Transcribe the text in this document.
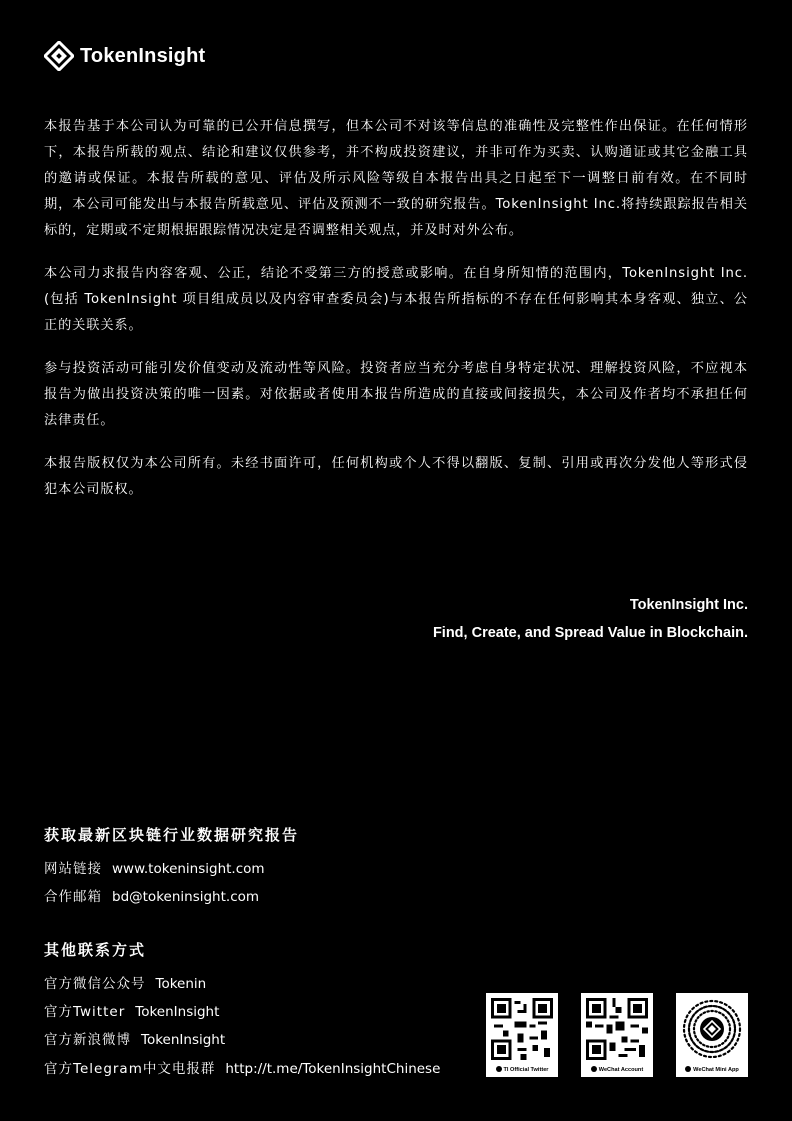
TokenInsight

本报告基于本公司认为可靠的已公开信息撰写，但本公司不对该等信息的准确性及完整性作出保证。在任何情形下，本报告所载的观点、结论和建议仅供参考，并不构成投资建议，并非可作为买卖、认购通证或其它金融工具的邀请或保证。本报告所载的意见、评估及所示风险等级自本报告出具之日起至下一调整日前有效。在不同时期，本公司可能发出与本报告所载意见、评估及预测不一致的研究报告。TokenInsight Inc.将持续跟踪报告相关标的，定期或不定期根据跟踪情况决定是否调整相关观点，并及时对外公布。

本公司力求报告内容客观、公正，结论不受第三方的授意或影响。在自身所知情的范围内，TokenInsight Inc.(包括 TokenInsight 项目组成员以及内容审查委员会)与本报告所指标的不存在任何影响其本身客观、独立、公正的关联关系。

参与投资活动可能引发价值变动及流动性等风险。投资者应当充分考虑自身特定状况、理解投资风险，不应视本报告为做出投资决策的唯一因素。对依据或者使用本报告所造成的直接或间接损失，本公司及作者均不承担任何法律责任。

本报告版权仅为本公司所有。未经书面许可，任何机构或个人不得以翻版、复制、引用或再次分发他人等形式侵犯本公司版权。

TokenInsight Inc.
Find, Create, and Spread Value in Blockchain.
获取最新区块链行业数据研究报告
网站链接 www.tokeninsight.com
合作邮箱 bd@tokeninsight.com
其他联系方式
官方微信公众号 Tokenin
官方Twitter TokenInsight
官方新浪微博 TokenInsight
官方Telegram中文电报群 http://t.me/TokenInsightChinese	TI Official Twitter	WeChat Account	WeChat Mini App
